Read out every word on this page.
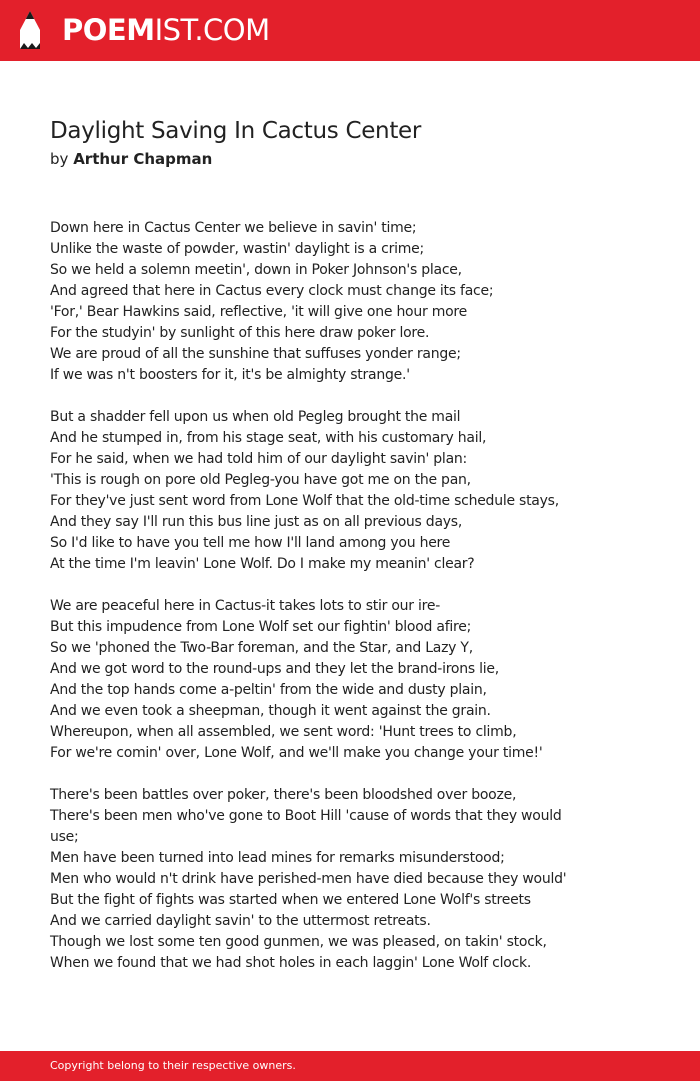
POEMIST.COM
Daylight Saving In Cactus Center
by Arthur Chapman
Down here in Cactus Center we believe in savin' time;
Unlike the waste of powder, wastin' daylight is a crime;
So we held a solemn meetin', down in Poker Johnson's place,
And agreed that here in Cactus every clock must change its face;
'For,' Bear Hawkins said, reflective, 'it will give one hour more
For the studyin' by sunlight of this here draw poker lore.
We are proud of all the sunshine that suffuses yonder range;
If we was n't boosters for it, it's be almighty strange.'
But a shadder fell upon us when old Pegleg brought the mail
And he stumped in, from his stage seat, with his customary hail,
For he said, when we had told him of our daylight savin' plan:
'This is rough on pore old Pegleg-you have got me on the pan,
For they've just sent word from Lone Wolf that the old-time schedule stays,
And they say I'll run this bus line just as on all previous days,
So I'd like to have you tell me how I'll land among you here
At the time I'm leavin' Lone Wolf. Do I make my meanin' clear?
We are peaceful here in Cactus-it takes lots to stir our ire-
But this impudence from Lone Wolf set our fightin' blood afire;
So we 'phoned the Two-Bar foreman, and the Star, and Lazy Y,
And we got word to the round-ups and they let the brand-irons lie,
And the top hands come a-peltin' from the wide and dusty plain,
And we even took a sheepman, though it went against the grain.
Whereupon, when all assembled, we sent word: 'Hunt trees to climb,
For we're comin' over, Lone Wolf, and we'll make you change your time!'
There's been battles over poker, there's been bloodshed over booze,
There's been men who've gone to Boot Hill 'cause of words that they would use;
Men have been turned into lead mines for remarks misunderstood;
Men who would n't drink have perished-men have died because they would'
But the fight of fights was started when we entered Lone Wolf's streets
And we carried daylight savin' to the uttermost retreats.
Though we lost some ten good gunmen, we was pleased, on takin' stock,
When we found that we had shot holes in each laggin' Lone Wolf clock.
Copyright belong to their respective owners.
